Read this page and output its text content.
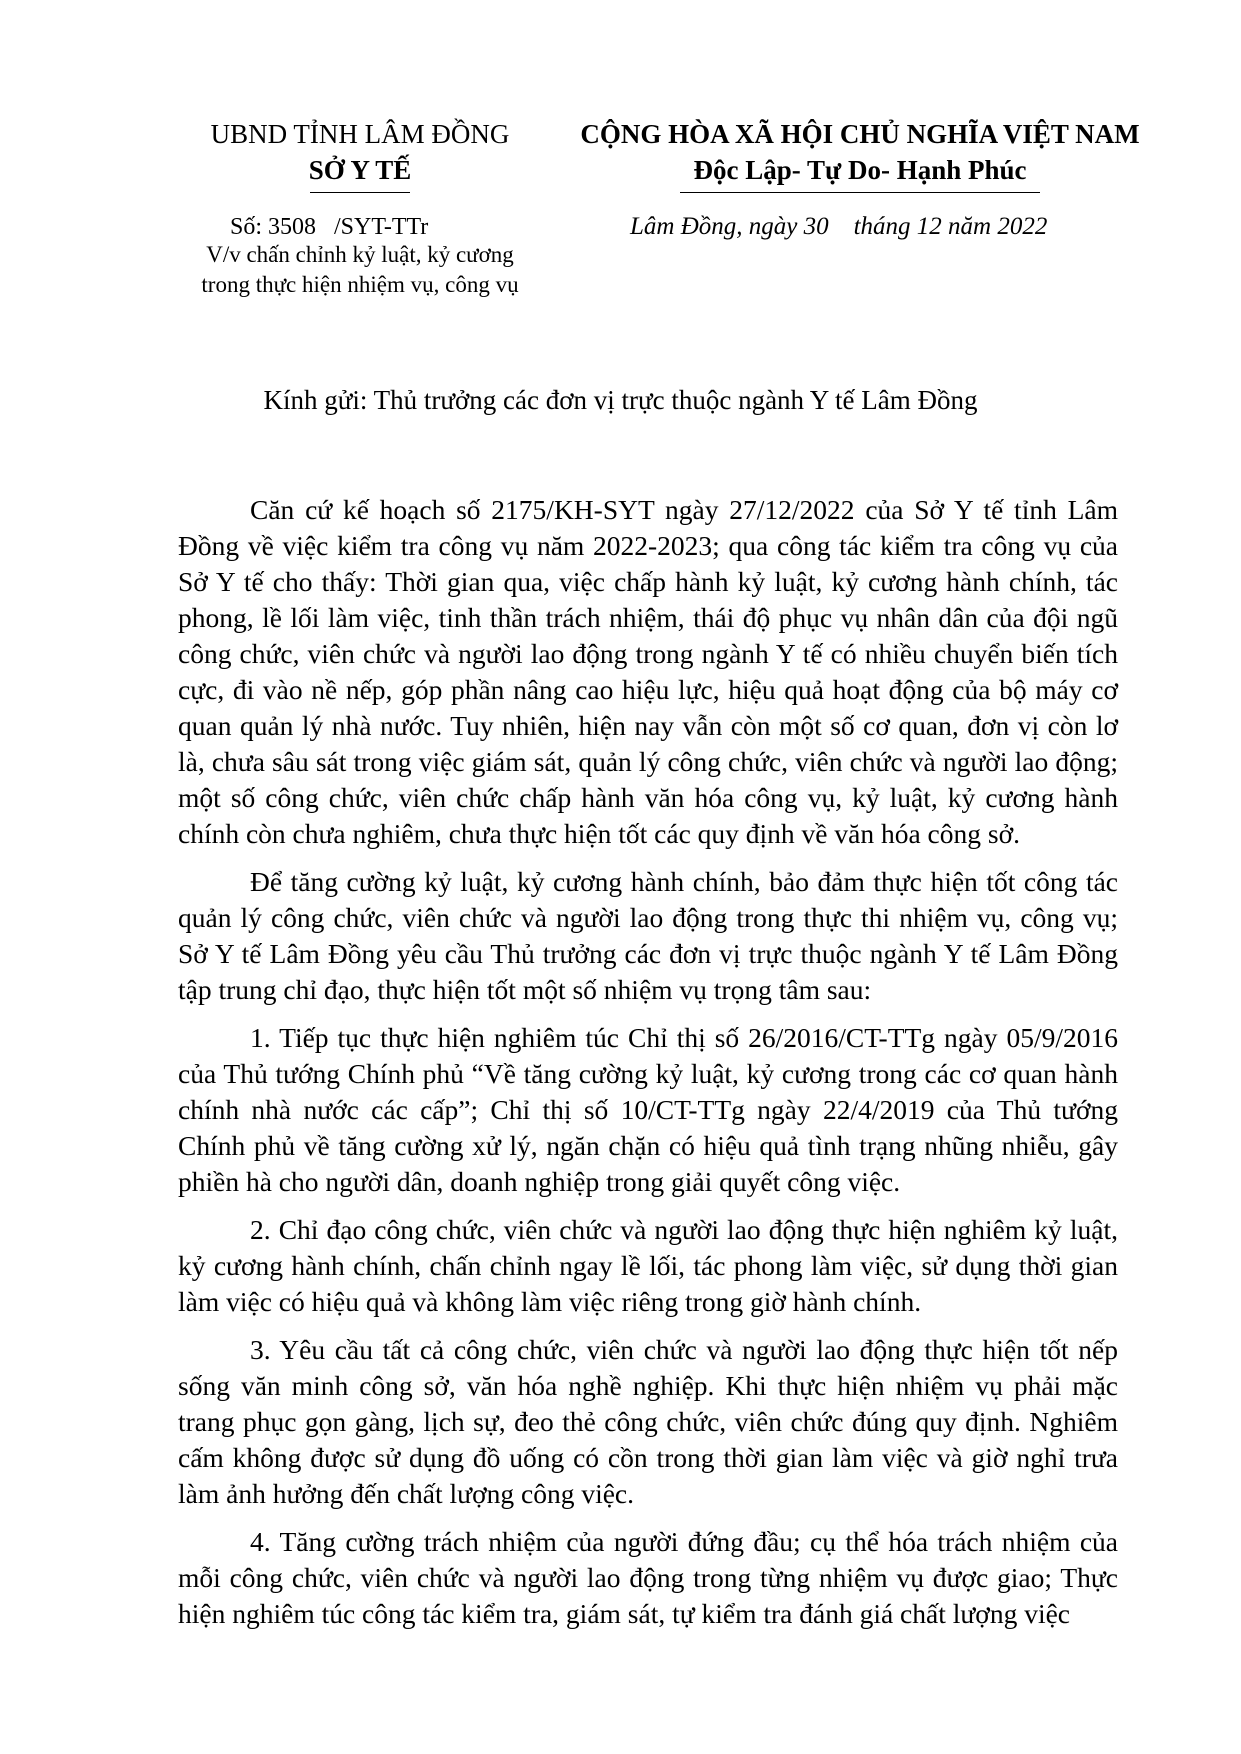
UBND TỈNH LÂM ĐỒNG
SỞ Y TẾ
CỘNG HÒA XÃ HỘI CHỦ NGHĨA VIỆT NAM
Độc Lập- Tự Do- Hạnh Phúc
Số: 3508   /SYT-TTr
V/v chấn chỉnh kỷ luật, kỷ cương
trong thực hiện nhiệm vụ, công vụ
Lâm Đồng, ngày 30    tháng 12 năm 2022
Kính gửi: Thủ trưởng các đơn vị trực thuộc ngành Y tế Lâm Đồng

Căn cứ kế hoạch số 2175/KH-SYT ngày 27/12/2022 của Sở Y tế tỉnh Lâm Đồng về việc kiểm tra công vụ năm 2022-2023; qua công tác kiểm tra công vụ của Sở Y tế cho thấy: Thời gian qua, việc chấp hành kỷ luật, kỷ cương hành chính, tác phong, lề lối làm việc, tinh thần trách nhiệm, thái độ phục vụ nhân dân của đội ngũ công chức, viên chức và người lao động trong ngành Y tế có nhiều chuyển biến tích cực, đi vào nề nếp, góp phần nâng cao hiệu lực, hiệu quả hoạt động của bộ máy cơ quan quản lý nhà nước. Tuy nhiên, hiện nay vẫn còn một số cơ quan, đơn vị còn lơ là, chưa sâu sát trong việc giám sát, quản lý công chức, viên chức và người lao động; một số công chức, viên chức chấp hành văn hóa công vụ, kỷ luật, kỷ cương hành chính còn chưa nghiêm, chưa thực hiện tốt các quy định về văn hóa công sở.

Để tăng cường kỷ luật, kỷ cương hành chính, bảo đảm thực hiện tốt công tác quản lý công chức, viên chức và người lao động trong thực thi nhiệm vụ, công vụ; Sở Y tế Lâm Đồng yêu cầu Thủ trưởng các đơn vị trực thuộc ngành Y tế Lâm Đồng tập trung chỉ đạo, thực hiện tốt một số nhiệm vụ trọng tâm sau:

1. Tiếp tục thực hiện nghiêm túc Chỉ thị số 26/2016/CT-TTg ngày 05/9/2016 của Thủ tướng Chính phủ “Về tăng cường kỷ luật, kỷ cương trong các cơ quan hành chính nhà nước các cấp”; Chỉ thị số 10/CT-TTg ngày 22/4/2019 của Thủ tướng Chính phủ về tăng cường xử lý, ngăn chặn có hiệu quả tình trạng nhũng nhiễu, gây phiền hà cho người dân, doanh nghiệp trong giải quyết công việc.

2. Chỉ đạo công chức, viên chức và người lao động thực hiện nghiêm kỷ luật, kỷ cương hành chính, chấn chỉnh ngay lề lối, tác phong làm việc, sử dụng thời gian làm việc có hiệu quả và không làm việc riêng trong giờ hành chính.

3. Yêu cầu tất cả công chức, viên chức và người lao động thực hiện tốt nếp sống văn minh công sở, văn hóa nghề nghiệp. Khi thực hiện nhiệm vụ phải mặc trang phục gọn gàng, lịch sự, đeo thẻ công chức, viên chức đúng quy định. Nghiêm cấm không được sử dụng đồ uống có cồn trong thời gian làm việc và giờ nghỉ trưa làm ảnh hưởng đến chất lượng công việc.

4. Tăng cường trách nhiệm của người đứng đầu; cụ thể hóa trách nhiệm của mỗi công chức, viên chức và người lao động trong từng nhiệm vụ được giao; Thực hiện nghiêm túc công tác kiểm tra, giám sát, tự kiểm tra đánh giá chất lượng việc
